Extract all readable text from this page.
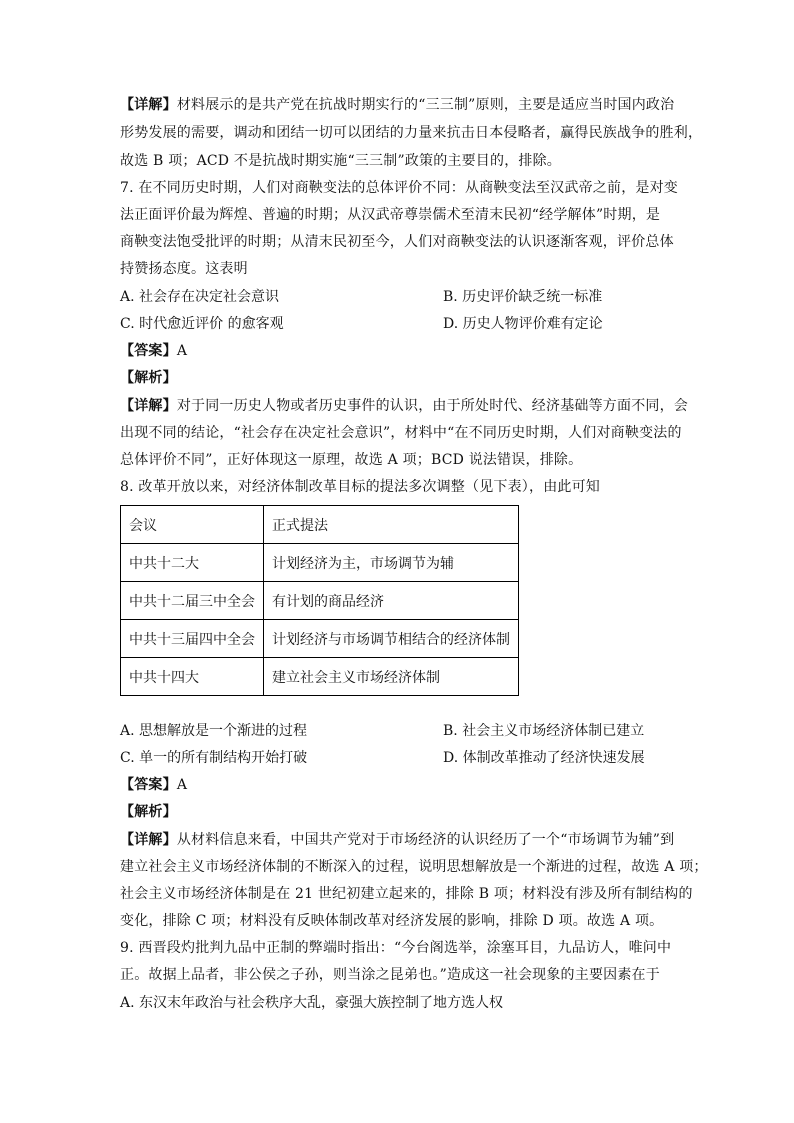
【详解】材料展示的是共产党在抗战时期实行的“三三制”原则，主要是适应当时国内政治
形势发展的需要，调动和团结一切可以团结的力量来抗击日本侵略者，赢得民族战争的胜利，
故选 B 项；ACD 不是抗战时期实施“三三制”政策的主要目的，排除。
7. 在不同历史时期，人们对商鞅变法的总体评价不同：从商鞅变法至汉武帝之前，是对变
法正面评价最为辉煌、普遍的时期；从汉武帝尊崇儒术至清末民初“经学解体”时期，是
商鞅变法饱受批评的时期；从清末民初至今，人们对商鞅变法的认识逐渐客观，评价总体
持赞扬态度。这表明
A. 社会存在决定社会意识	B. 历史评价缺乏统一标准
C. 时代愈近评价 的愈客观	D. 历史人物评价难有定论
【答案】A
【解析】
【详解】对于同一历史人物或者历史事件的认识，由于所处时代、经济基础等方面不同，会
出现不同的结论，“社会存在决定社会意识”，材料中“在不同历史时期，人们对商鞅变法的
总体评价不同”，正好体现这一原理，故选 A 项；BCD 说法错误，排除。
8. 改革开放以来，对经济体制改革目标的提法多次调整（见下表），由此可知
会议	正式提法
中共十二大	计划经济为主，市场调节为辅
中共十二届三中全会	有计划的商品经济
中共十三届四中全会	计划经济与市场调节相结合的经济体制
中共十四大	建立社会主义市场经济体制
A. 思想解放是一个渐进的过程	B. 社会主义市场经济体制已建立
C. 单一的所有制结构开始打破	D. 体制改革推动了经济快速发展
【答案】A
【解析】
【详解】从材料信息来看，中国共产党对于市场经济的认识经历了一个“市场调节为辅”到
建立社会主义市场经济体制的不断深入的过程，说明思想解放是一个渐进的过程，故选 A 项；
社会主义市场经济体制是在 21 世纪初建立起来的，排除 B 项；材料没有涉及所有制结构的
变化，排除 C 项；材料没有反映体制改革对经济发展的影响，排除 D 项。故选 A 项。
9. 西晋段灼批判九品中正制的弊端时指出：“今台阁选举，涂塞耳目，九品访人，唯问中
正。故据上品者，非公侯之子孙，则当涂之昆弟也。”造成这一社会现象的主要因素在于
A. 东汉末年政治与社会秩序大乱，豪强大族控制了地方选人权
